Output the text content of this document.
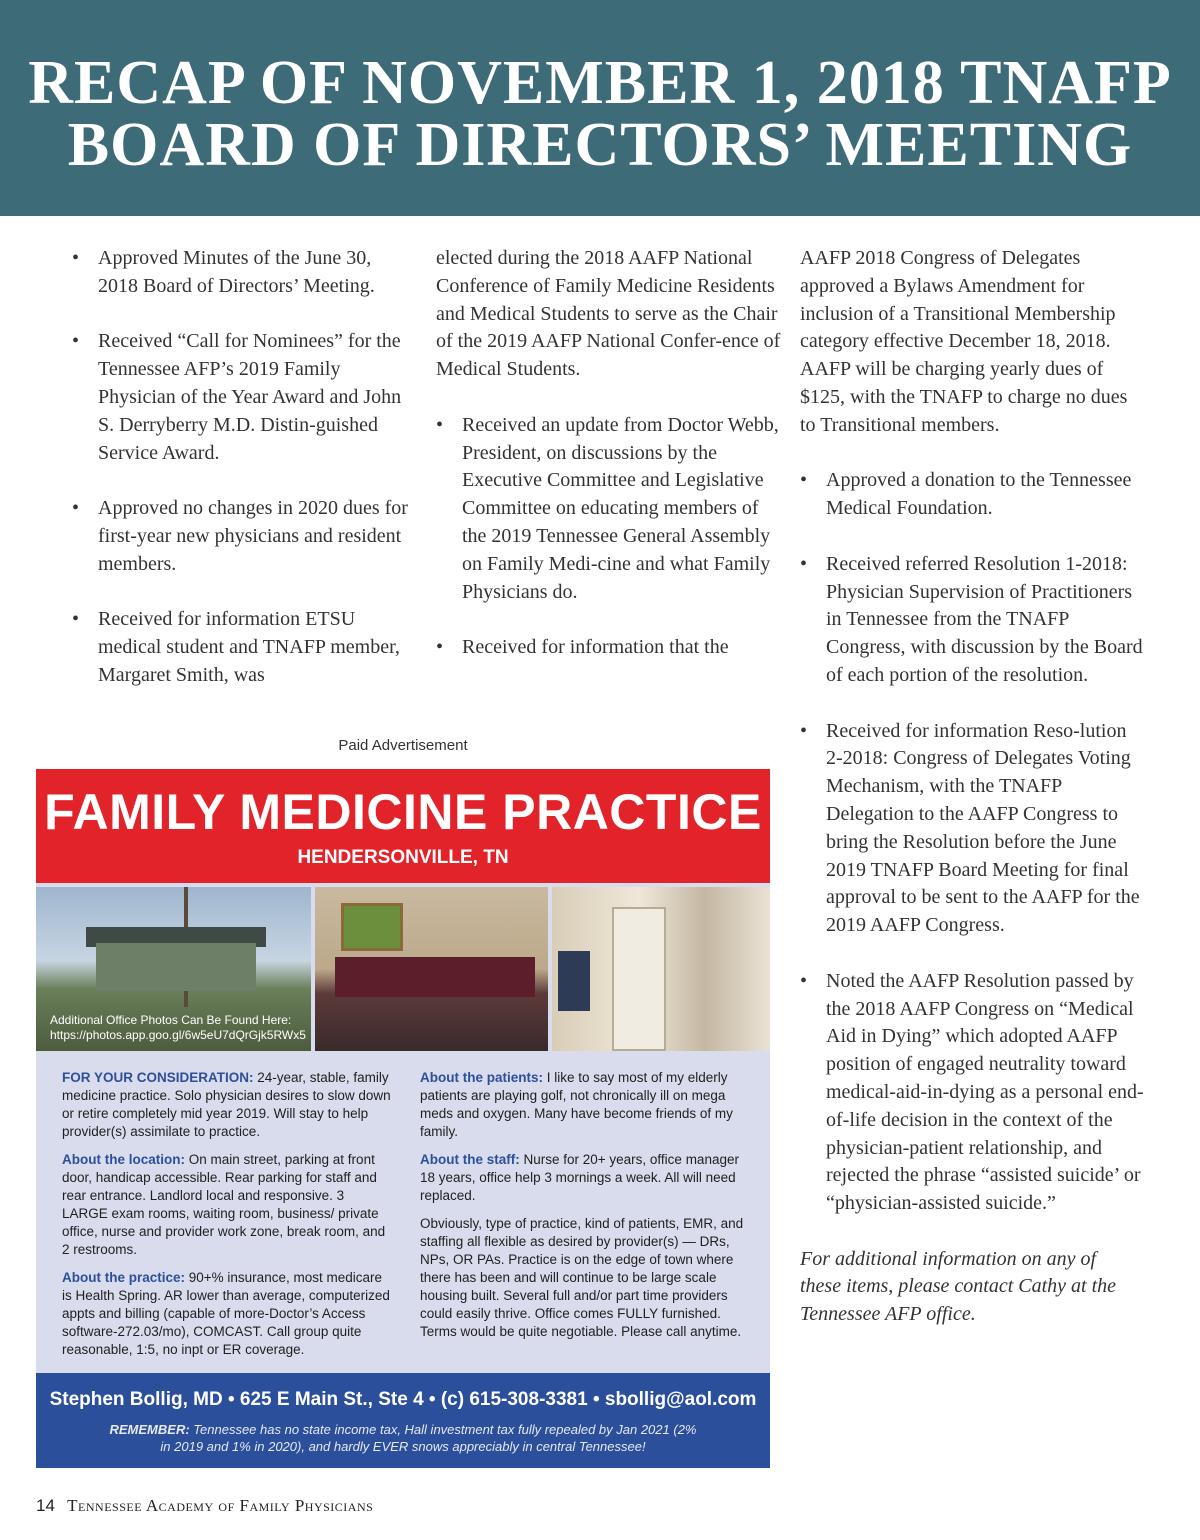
RECAP OF NOVEMBER 1, 2018 TNAFP
BOARD OF DIRECTORS’ MEETING
• Approved Minutes of the June 30, 2018 Board of Directors’ Meeting.
• Received “Call for Nominees” for the Tennessee AFP’s 2019 Family Physician of the Year Award and John S. Derryberry M.D. Distin-guished Service Award.
• Approved no changes in 2020 dues for first-year new physicians and resident members.
• Received for information ETSU medical student and TNAFP member, Margaret Smith, was

elected during the 2018 AAFP National Conference of Family Medicine Residents and Medical Students to serve as the Chair of the 2019 AAFP National Confer-ence of Medical Students.

• Received an update from Doctor Webb, President, on discussions by the Executive Committee and Legislative Committee on educating members of the 2019 Tennessee General Assembly on Family Medi-cine and what Family Physicians do.
• Received for information that the

AAFP 2018 Congress of Delegates approved a Bylaws Amendment for inclusion of a Transitional Membership category effective December 18, 2018. AAFP will be charging yearly dues of $125, with the TNAFP to charge no dues to Transitional members.

• Approved a donation to the Tennessee Medical Foundation.
• Received referred Resolution 1-2018: Physician Supervision of Practitioners in Tennessee from the TNAFP Congress, with discussion by the Board of each portion of the resolution.
• Received for information Reso-lution 2-2018: Congress of Delegates Voting Mechanism, with the TNAFP Delegation to the AAFP Congress to bring the Resolution before the June 2019 TNAFP Board Meeting for final approval to be sent to the AAFP for the 2019 AAFP Congress.
• Noted the AAFP Resolution passed by the 2018 AAFP Congress on “Medical Aid in Dying” which adopted AAFP position of engaged neutrality toward medical-aid-in-dying as a personal end-of-life decision in the context of the physician-patient relationship, and rejected the phrase “assisted suicide’ or “physician-assisted suicide.”

For additional information on any of these items, please contact Cathy at the Tennessee AFP office.

Paid Advertisement
FAMILY MEDICINE PRACTICE
HENDERSONVILLE, TN
Additional Office Photos Can Be Found Here:
https://photos.app.goo.gl/6w5eU7dQrGjk5RWx5

FOR YOUR CONSIDERATION: 24-year, stable, family medicine practice. Solo physician desires to slow down or retire completely mid year 2019. Will stay to help provider(s) assimilate to practice.

About the location: On main street, parking at front door, handicap accessible. Rear parking for staff and rear entrance. Landlord local and responsive. 3 LARGE exam rooms, waiting room, business/ private office, nurse and provider work zone, break room, and 2 restrooms.

About the practice: 90+% insurance, most medicare is Health Spring. AR lower than average, computerized appts and billing (capable of more-Doctor’s Access software-272.03/mo), COMCAST. Call group quite reasonable, 1:5, no inpt or ER coverage.

About the patients: I like to say most of my elderly patients are playing golf, not chronically ill on mega meds and oxygen. Many have become friends of my family.

About the staff: Nurse for 20+ years, office manager 18 years, office help 3 mornings a week. All will need replaced.

Obviously, type of practice, kind of patients, EMR, and staffing all flexible as desired by provider(s) — DRs, NPs, OR PAs. Practice is on the edge of town where there has been and will continue to be large scale housing built. Several full and/or part time providers could easily thrive. Office comes FULLY furnished. Terms would be quite negotiable. Please call anytime.

Stephen Bollig, MD • 625 E Main St., Ste 4 • (c) 615-308-3381 • sbollig@aol.com
REMEMBER: Tennessee has no state income tax, Hall investment tax fully repealed by Jan 2021 (2% in 2019 and 1% in 2020), and hardly EVER snows appreciably in central Tennessee!
14 Tennessee Academy of Family Physicians
